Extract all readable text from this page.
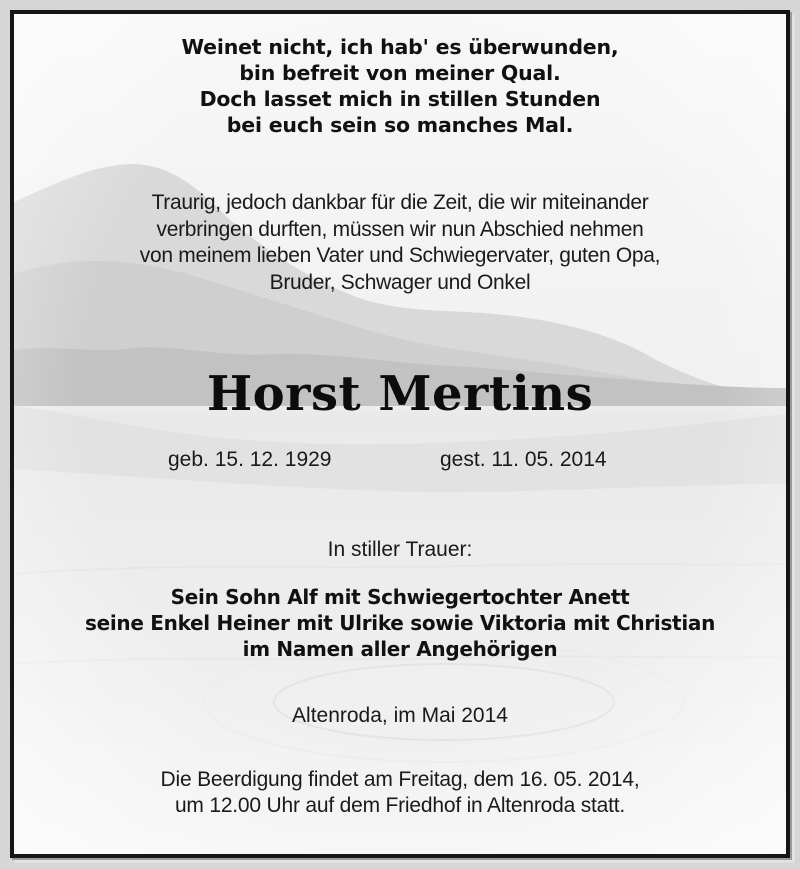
Weinet nicht, ich hab' es überwunden,
bin befreit von meiner Qual.
Doch lasset mich in stillen Stunden
bei euch sein so manches Mal.
Traurig, jedoch dankbar für die Zeit, die wir miteinander
verbringen durften, müssen wir nun Abschied nehmen
von meinem lieben Vater und Schwiegervater, guten Opa,
Bruder, Schwager und Onkel
Horst Mertins
geb. 15. 12. 1929	gest. 11. 05. 2014
In stiller Trauer:
Sein Sohn Alf mit Schwiegertochter Anett
seine Enkel Heiner mit Ulrike sowie Viktoria mit Christian
im Namen aller Angehörigen
Altenroda, im Mai 2014
Die Beerdigung findet am Freitag, dem 16. 05. 2014,
um 12.00 Uhr auf dem Friedhof in Altenroda statt.
